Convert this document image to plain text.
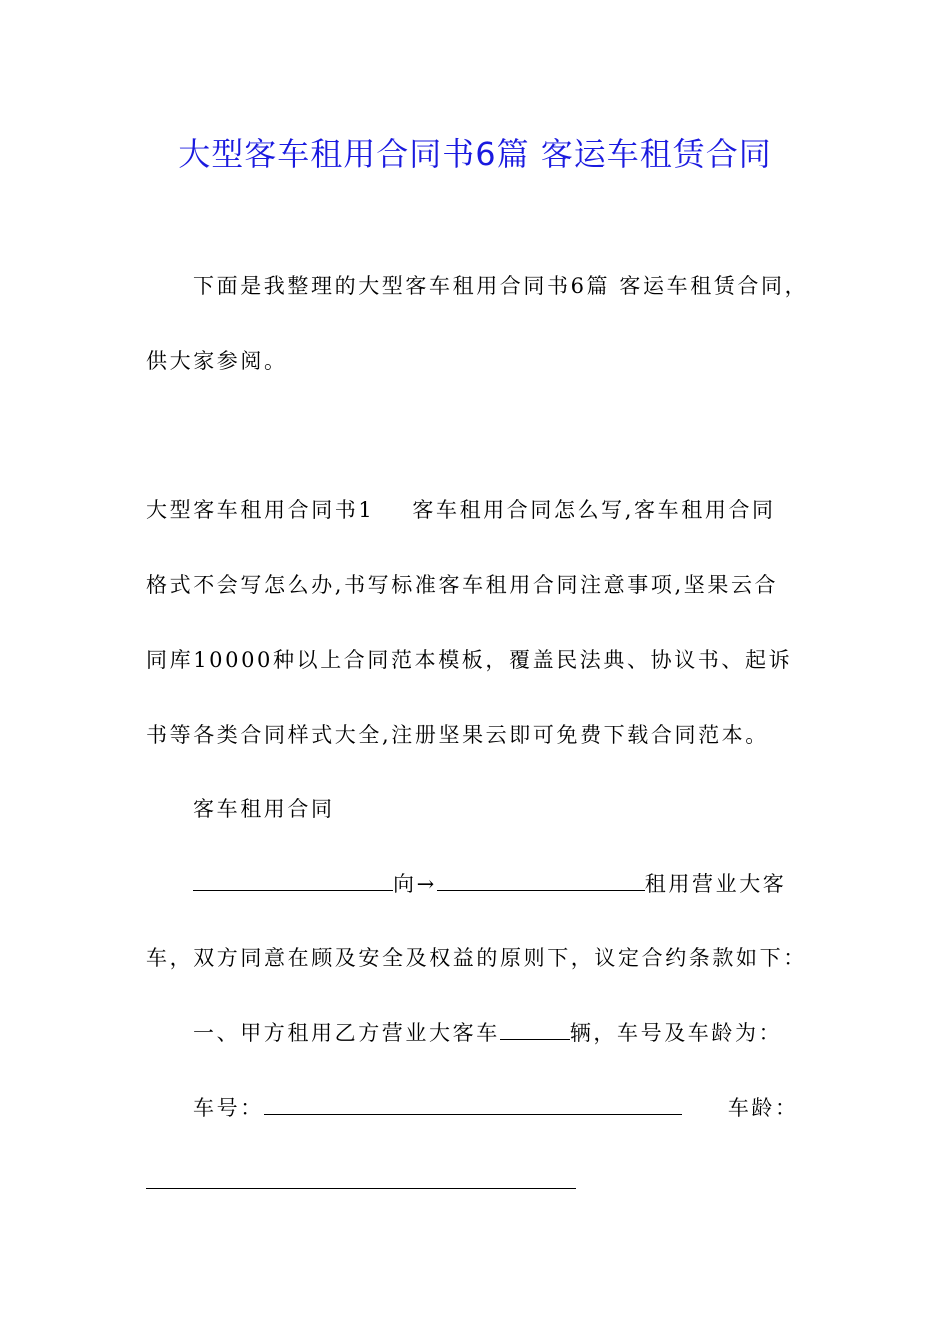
大型客车租用合同书6篇 客运车租赁合同
下面是我整理的大型客车租用合同书6篇 客运车租赁合同，
供大家参阅。
大型客车租用合同书1 客车租用合同怎么写,客车租用合同
格式不会写怎么办,书写标准客车租用合同注意事项,坚果云合
同库10000种以上合同范本模板，覆盖民法典、协议书、起诉
书等各类合同样式大全,注册坚果云即可免费下载合同范本。
客车租用合同
向→	租用营业大客
车，双方同意在顾及安全及权益的原则下，议定合约条款如下：
一、甲方租用乙方营业大客车	辆，车号及车龄为：
车号：	车龄：
